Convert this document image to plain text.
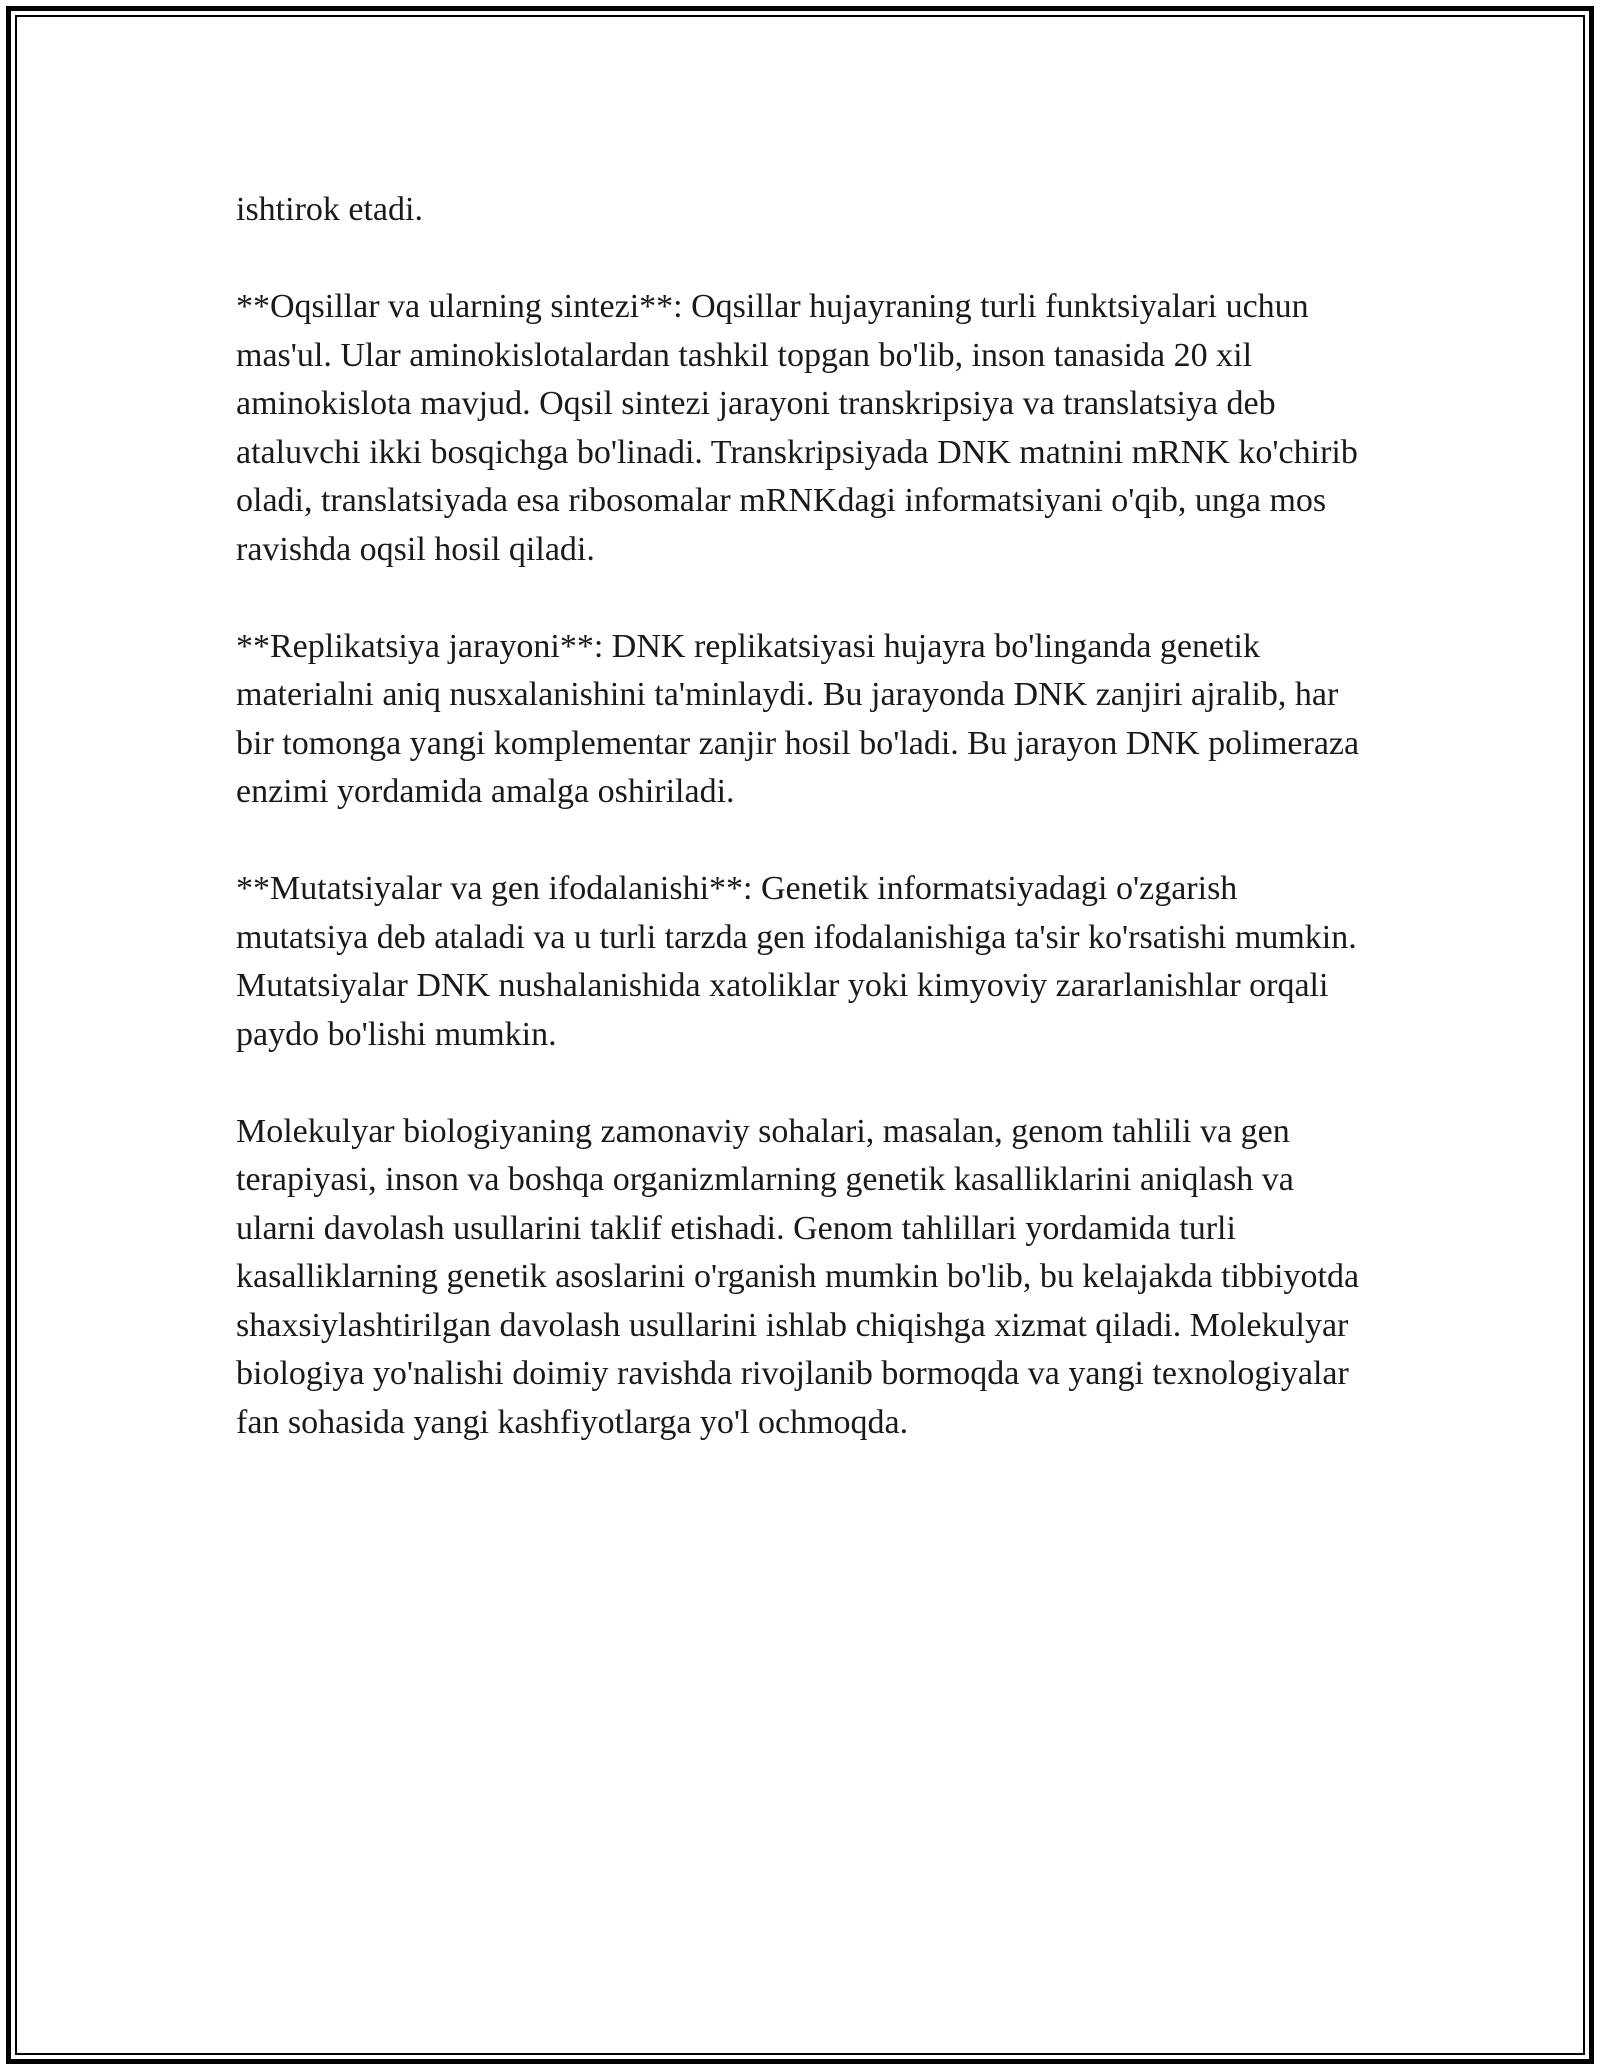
ishtirok etadi.

**Oqsillar va ularning sintezi**: Oqsillar hujayraning turli funktsiyalari uchun mas'ul. Ular aminokislotalardan tashkil topgan bo'lib, inson tanasida 20 xil aminokislota mavjud. Oqsil sintezi jarayoni transkripsiya va translatsiya deb ataluvchi ikki bosqichga bo'linadi. Transkripsiyada DNK matnini mRNK ko'chirib oladi, translatsiyada esa ribosomalar mRNKdagi informatsiyani o'qib, unga mos ravishda oqsil hosil qiladi.

**Replikatsiya jarayoni**: DNK replikatsiyasi hujayra bo'linganda genetik materialni aniq nusxalanishini ta'minlaydi. Bu jarayonda DNK zanjiri ajralib, har bir tomonga yangi komplementar zanjir hosil bo'ladi. Bu jarayon DNK polimeraza enzimi yordamida amalga oshiriladi.

**Mutatsiyalar va gen ifodalanishi**: Genetik informatsiyadagi o'zgarish mutatsiya deb ataladi va u turli tarzda gen ifodalanishiga ta'sir ko'rsatishi mumkin. Mutatsiyalar DNK nushalanishida xatoliklar yoki kimyoviy zararlanishlar orqali paydo bo'lishi mumkin.

Molekulyar biologiyaning zamonaviy sohalari, masalan, genom tahlili va gen terapiyasi, inson va boshqa organizmlarning genetik kasalliklarini aniqlash va ularni davolash usullarini taklif etishadi. Genom tahlillari yordamida turli kasalliklarning genetik asoslarini o'rganish mumkin bo'lib, bu kelajakda tibbiyotda shaxsiylashtirilgan davolash usullarini ishlab chiqishga xizmat qiladi. Molekulyar biologiya yo'nalishi doimiy ravishda rivojlanib bormoqda va yangi texnologiyalar fan sohasida yangi kashfiyotlarga yo'l ochmoqda.
